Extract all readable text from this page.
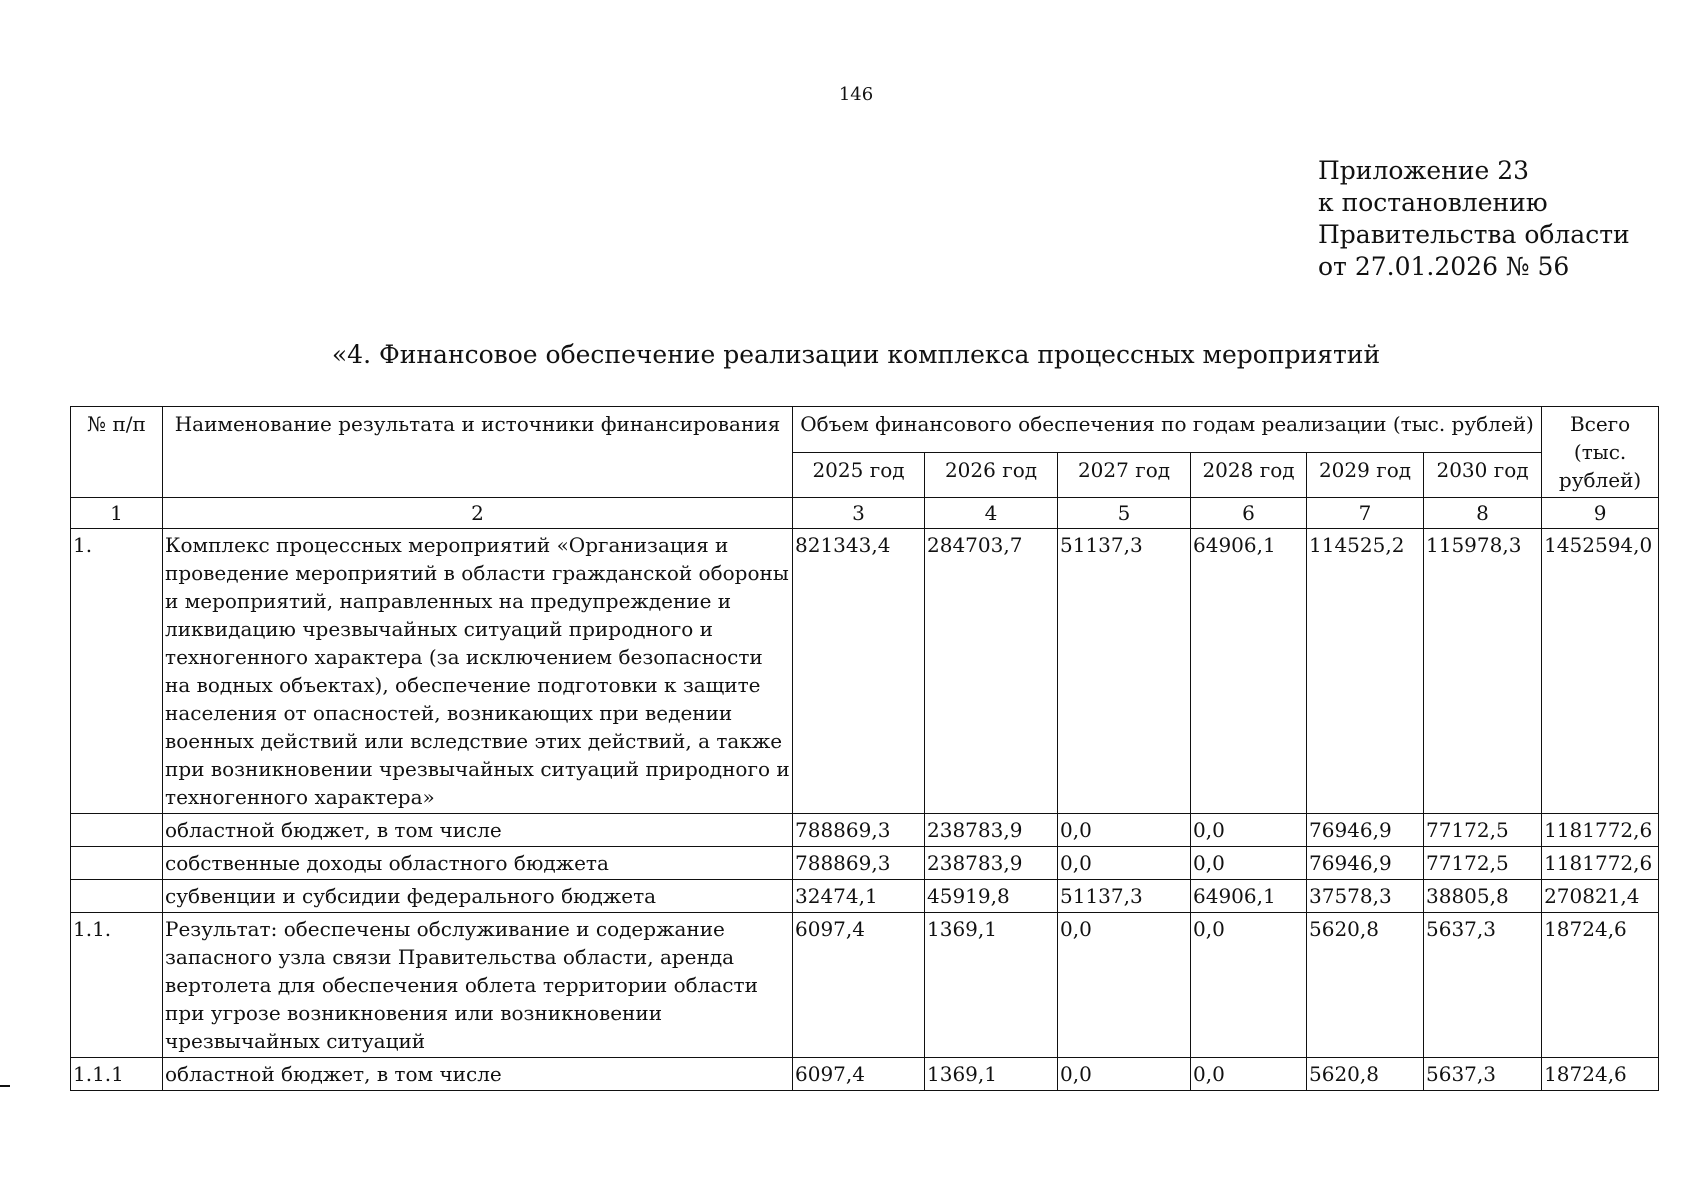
146
Приложение 23
к постановлению
Правительства области
от 27.01.2026 № 56
«4. Финансовое обеспечение реализации комплекса процессных мероприятий
№ п/п	Наименование результата и источники финансирования	Объем финансового обеспечения по годам реализации (тыс. рублей)						Всего (тыс. рублей)
		2025 год	2026 год	2027 год	2028 год	2029 год	2030 год	
1	2	3	4	5	6	7	8	9
1.	Комплекс процессных мероприятий «Организация и проведение мероприятий в области гражданской обороны и мероприятий, направленных на предупреждение и ликвидацию чрезвычайных ситуаций природного и техногенного характера (за исключением безопасности на водных объектах), обеспечение подготовки к защите населения от опасностей, возникающих при ведении военных действий или вследствие этих действий, а также при возникновении чрезвычайных ситуаций природного и техногенного характера»	821343,4	284703,7	51137,3	64906,1	114525,2	115978,3	1452594,0
	областной бюджет, в том числе	788869,3	238783,9	0,0	0,0	76946,9	77172,5	1181772,6
	собственные доходы областного бюджета	788869,3	238783,9	0,0	0,0	76946,9	77172,5	1181772,6
	субвенции и субсидии федерального бюджета	32474,1	45919,8	51137,3	64906,1	37578,3	38805,8	270821,4
1.1.	Результат: обеспечены обслуживание и содержание запасного узла связи Правительства области, аренда вертолета для обеспечения облета территории области при угрозе возникновения или возникновении чрезвычайных ситуаций	6097,4	1369,1	0,0	0,0	5620,8	5637,3	18724,6
1.1.1	областной бюджет, в том числе	6097,4	1369,1	0,0	0,0	5620,8	5637,3	18724,6
